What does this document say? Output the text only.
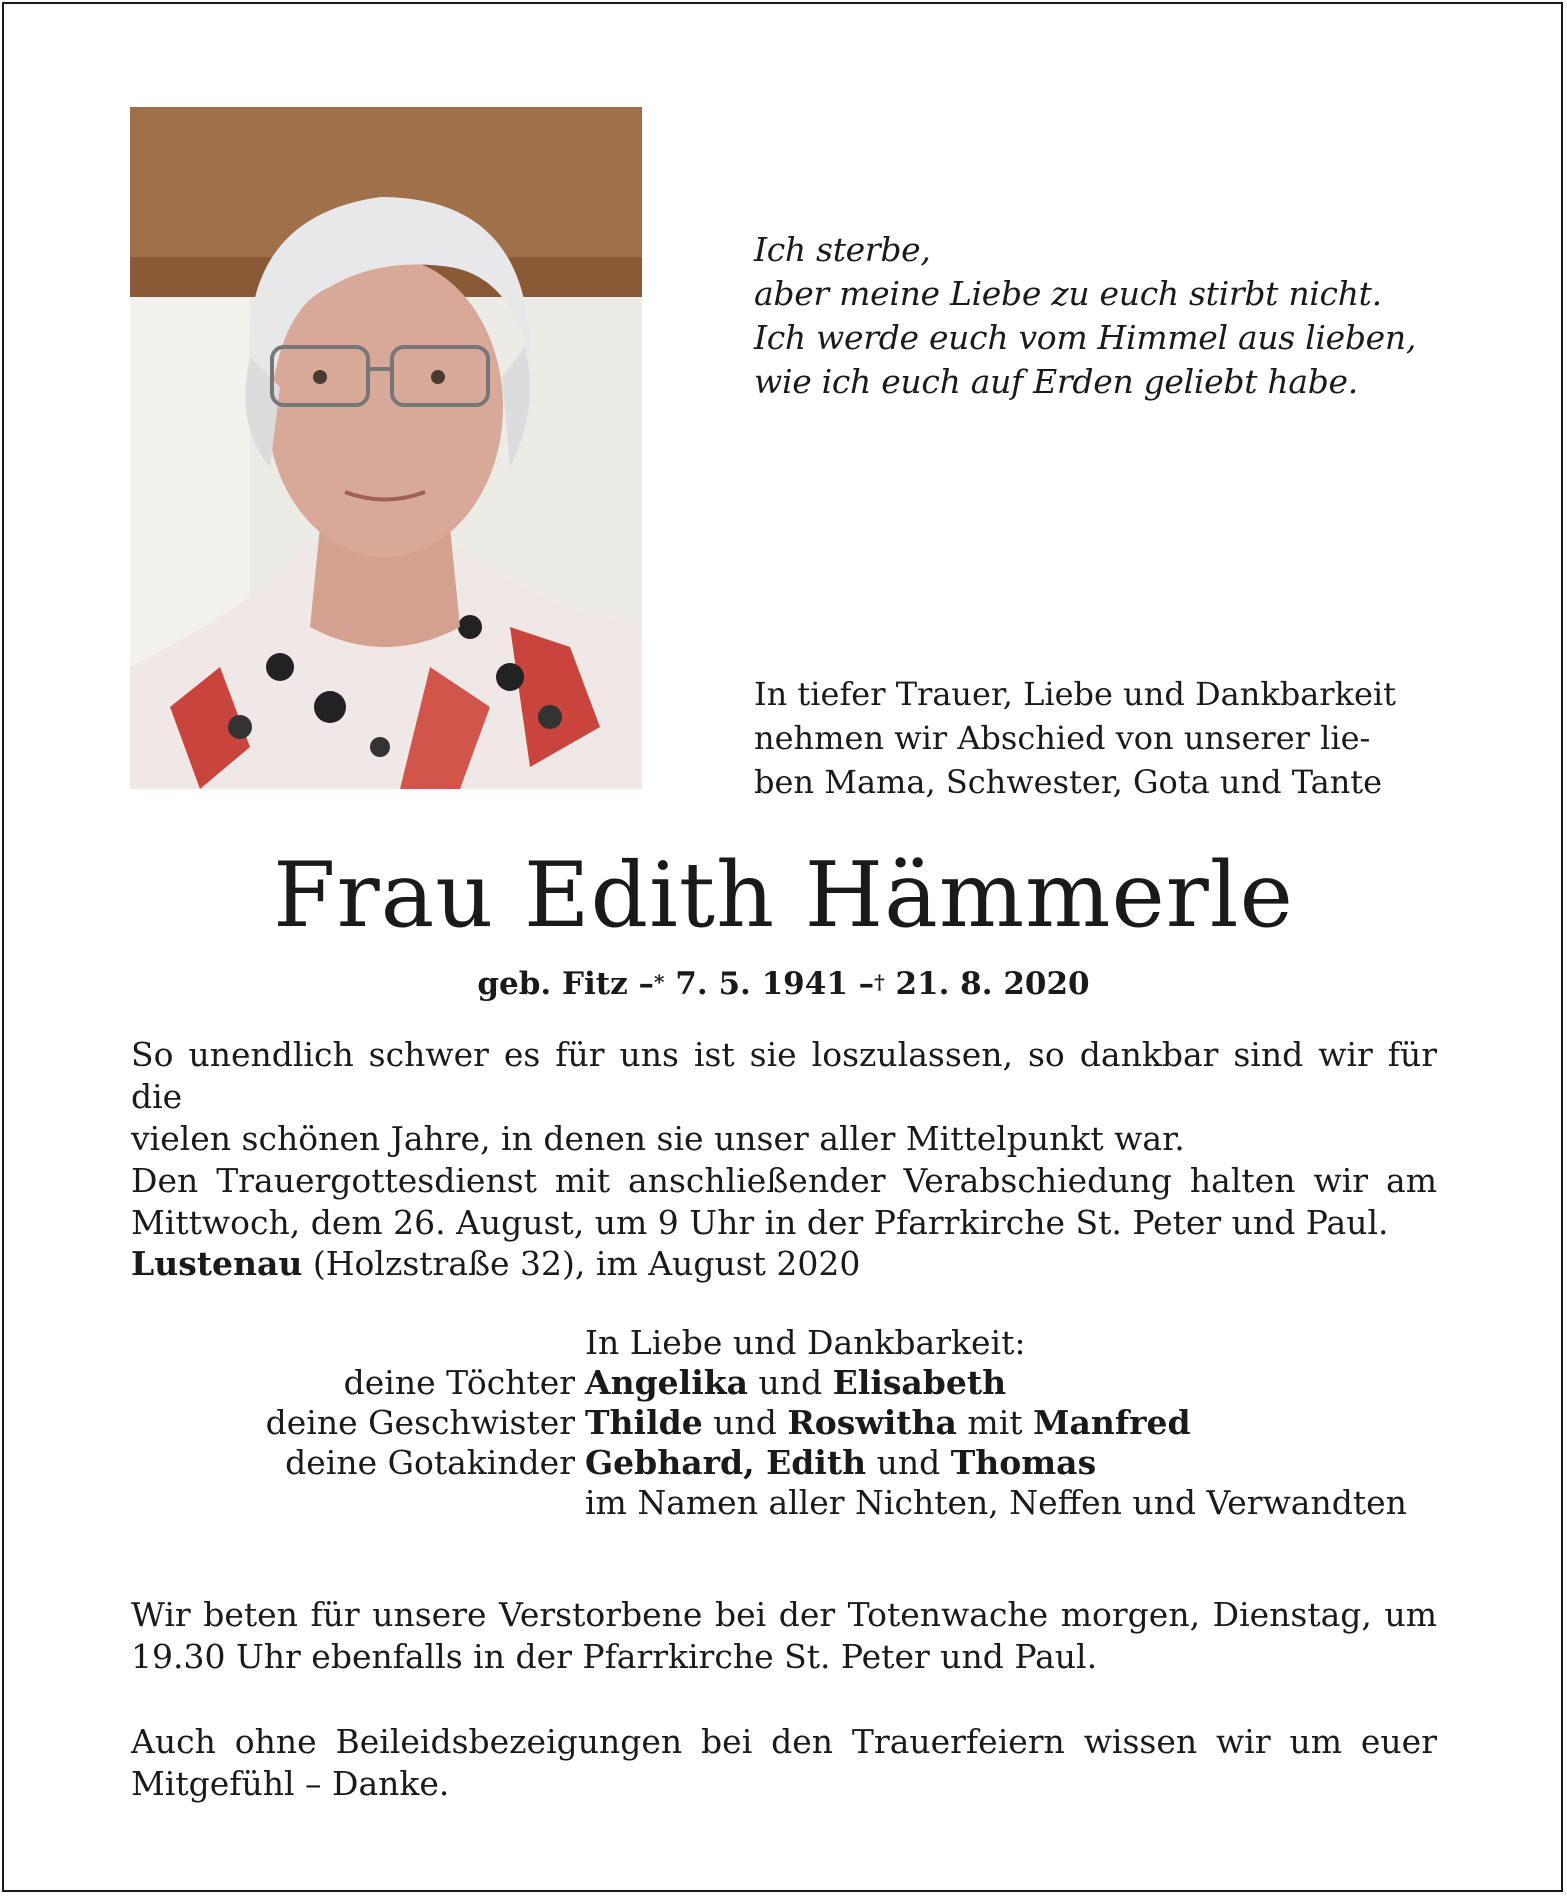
Ich sterbe,
aber meine Liebe zu euch stirbt nicht.
Ich werde euch vom Himmel aus lieben,
wie ich euch auf Erden geliebt habe.
In tiefer Trauer, Liebe und Dankbarkeit
nehmen wir Abschied von unserer lie-
ben Mama, Schwester, Gota und Tante
Frau Edith Hämmerle
geb. Fitz –* 7. 5. 1941 –† 21. 8. 2020
So unendlich schwer es für uns ist sie loszulassen, so dankbar sind wir für die
vielen schönen Jahre, in denen sie unser aller Mittelpunkt war.
Den Trauergottesdienst mit anschließender Verabschiedung halten wir am
Mittwoch, dem 26. August, um 9 Uhr in der Pfarrkirche St. Peter und Paul.
Lustenau (Holzstraße 32), im August 2020
In Liebe und Dankbarkeit:
deine Töchter Angelika und Elisabeth
deine Geschwister Thilde und Roswitha mit Manfred
deine Gotakinder Gebhard, Edith und Thomas
im Namen aller Nichten, Neffen und Verwandten
Wir beten für unsere Verstorbene bei der Totenwache morgen, Dienstag, um
19.30 Uhr ebenfalls in der Pfarrkirche St. Peter und Paul.
Auch ohne Beileidsbezeigungen bei den Trauerfeiern wissen wir um euer
Mitgefühl – Danke.
